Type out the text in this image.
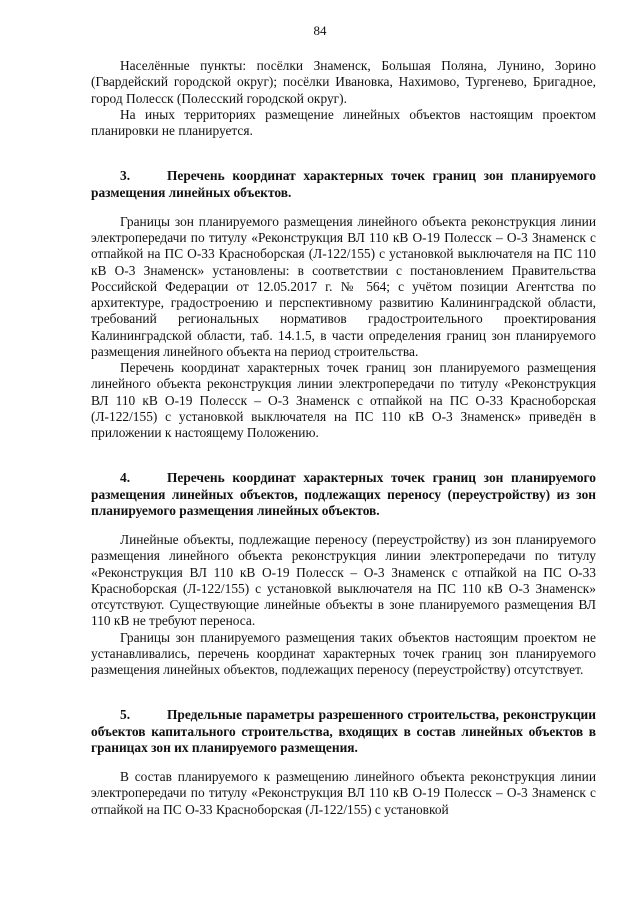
84

Населённые пункты: посёлки Знаменск, Большая Поляна, Лунино, Зорино (Гвардейский городской округ); посёлки Ивановка, Нахимово, Тургенево, Бригадное, город Полесск (Полесский городской округ).

На иных территориях размещение линейных объектов настоящим проектом планировки не планируется.

3.	Перечень координат характерных точек границ зон планируемого размещения линейных объектов.

Границы зон планируемого размещения линейного объекта реконструкция линии электропередачи по титулу «Реконструкция ВЛ 110 кВ О-19 Полесск – О-3 Знаменск с отпайкой на ПС О-33 Красноборская (Л-122/155) с установкой выключателя на ПС 110 кВ О-3 Знаменск» установлены: в соответствии с постановлением Правительства Российской Федерации от 12.05.2017 г. № 564; с учётом позиции Агентства по архитектуре, градостроению и перспективному развитию Калининградской области, требований региональных нормативов градостроительного проектирования Калининградской области, таб. 14.1.5, в части определения границ зон планируемого размещения линейного объекта на период строительства.

Перечень координат характерных точек границ зон планируемого размещения линейного объекта реконструкция линии электропередачи по титулу «Реконструкция ВЛ 110 кВ О-19 Полесск – О-3 Знаменск с отпайкой на ПС О-33 Красноборская (Л-122/155) с установкой выключателя на ПС 110 кВ О-3 Знаменск» приведён в приложении к настоящему Положению.

4.	Перечень координат характерных точек границ зон планируемого размещения линейных объектов, подлежащих переносу (переустройству) из зон планируемого размещения линейных объектов.

Линейные объекты, подлежащие переносу (переустройству) из зон планируемого размещения линейного объекта реконструкция линии электропередачи по титулу «Реконструкция ВЛ 110 кВ О-19 Полесск – О-3 Знаменск с отпайкой на ПС О-33 Красноборская (Л-122/155) с установкой выключателя на ПС 110 кВ О-3 Знаменск» отсутствуют. Существующие линейные объекты в зоне планируемого размещения ВЛ 110 кВ не требуют переноса.

Границы зон планируемого размещения таких объектов настоящим проектом не устанавливались, перечень координат характерных точек границ зон планируемого размещения линейных объектов, подлежащих переносу (переустройству) отсутствует.

5.	Предельные параметры разрешенного строительства, реконструкции объектов капитального строительства, входящих в состав линейных объектов в границах зон их планируемого размещения.

В состав планируемого к размещению линейного объекта реконструкция линии электропередачи по титулу «Реконструкция ВЛ 110 кВ О-19 Полесск – О-3 Знаменск с отпайкой на ПС О-33 Красноборская (Л-122/155) с установкой
